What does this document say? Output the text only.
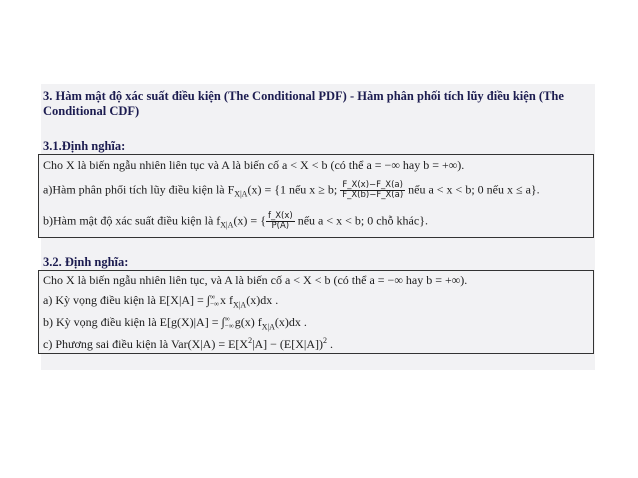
3. Hàm mật độ xác suất điều kiện (The Conditional PDF) - Hàm phân phối tích lũy điều kiện (The
Conditional CDF)
3.1.Định nghĩa:
Cho X là biến ngẫu nhiên liên tục và A là biến cố a < X < b (có thể a = −∞ hay b = +∞).
a)Hàm phân phối tích lũy điều kiện là $F_{X|A}(x) = \{1$ nếu x ≥ b; $\frac{F\_X(x)-F\_X(a)}{F\_X(b)-F\_X(a)}$ nếu a < x < b; 0 nếu x ≤ a}.
b)Hàm mật độ xác suất điều kiện là $f_{X|A}(x)$ = { $\frac{f\_X(x)}{P(A)}$ nếu a < x < b; 0 chỗ khác}.
3.2. Định nghĩa:
Cho X là biến ngẫu nhiên liên tục, và A là biến cố a < X < b (có thể a = −∞ hay b = +∞).
a) Kỳ vọng điều kiện là E[X|A] = ∫ ∞
−∞ x $f_{X|A}(x)dx$ .
b) Kỳ vọng điều kiện là E[g(X)|A] = ∫ ∞
−∞ g(x) $f_{X|A}(x)dx$ .
c) Phương sai điều kiện là $Var(X|A) = E[X^2|A] - (E[X|A])^2$ .
